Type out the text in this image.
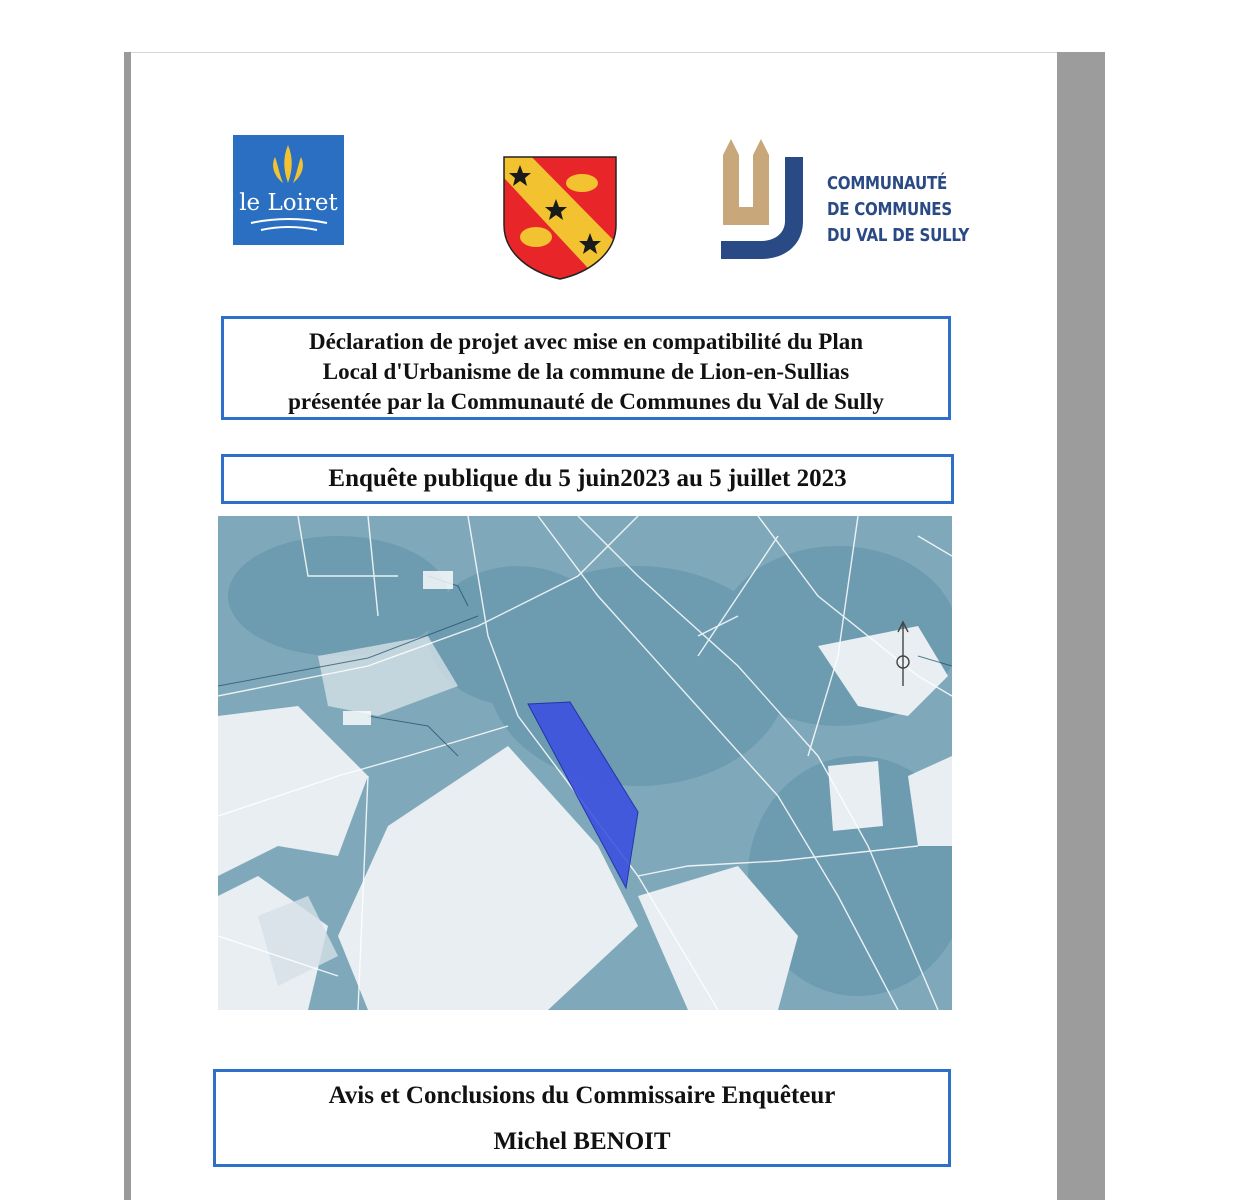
le Loiret
COMMUNAUTÉ
DE COMMUNES
DU VAL DE SULLY
Déclaration de projet avec mise en compatibilité du Plan
Local d'Urbanisme de la commune de Lion-en-Sullias
présentée par la Communauté de Communes du Val de Sully
Enquête publique du 5 juin2023 au 5 juillet 2023
Avis et Conclusions du Commissaire Enquêteur
Michel BENOIT
